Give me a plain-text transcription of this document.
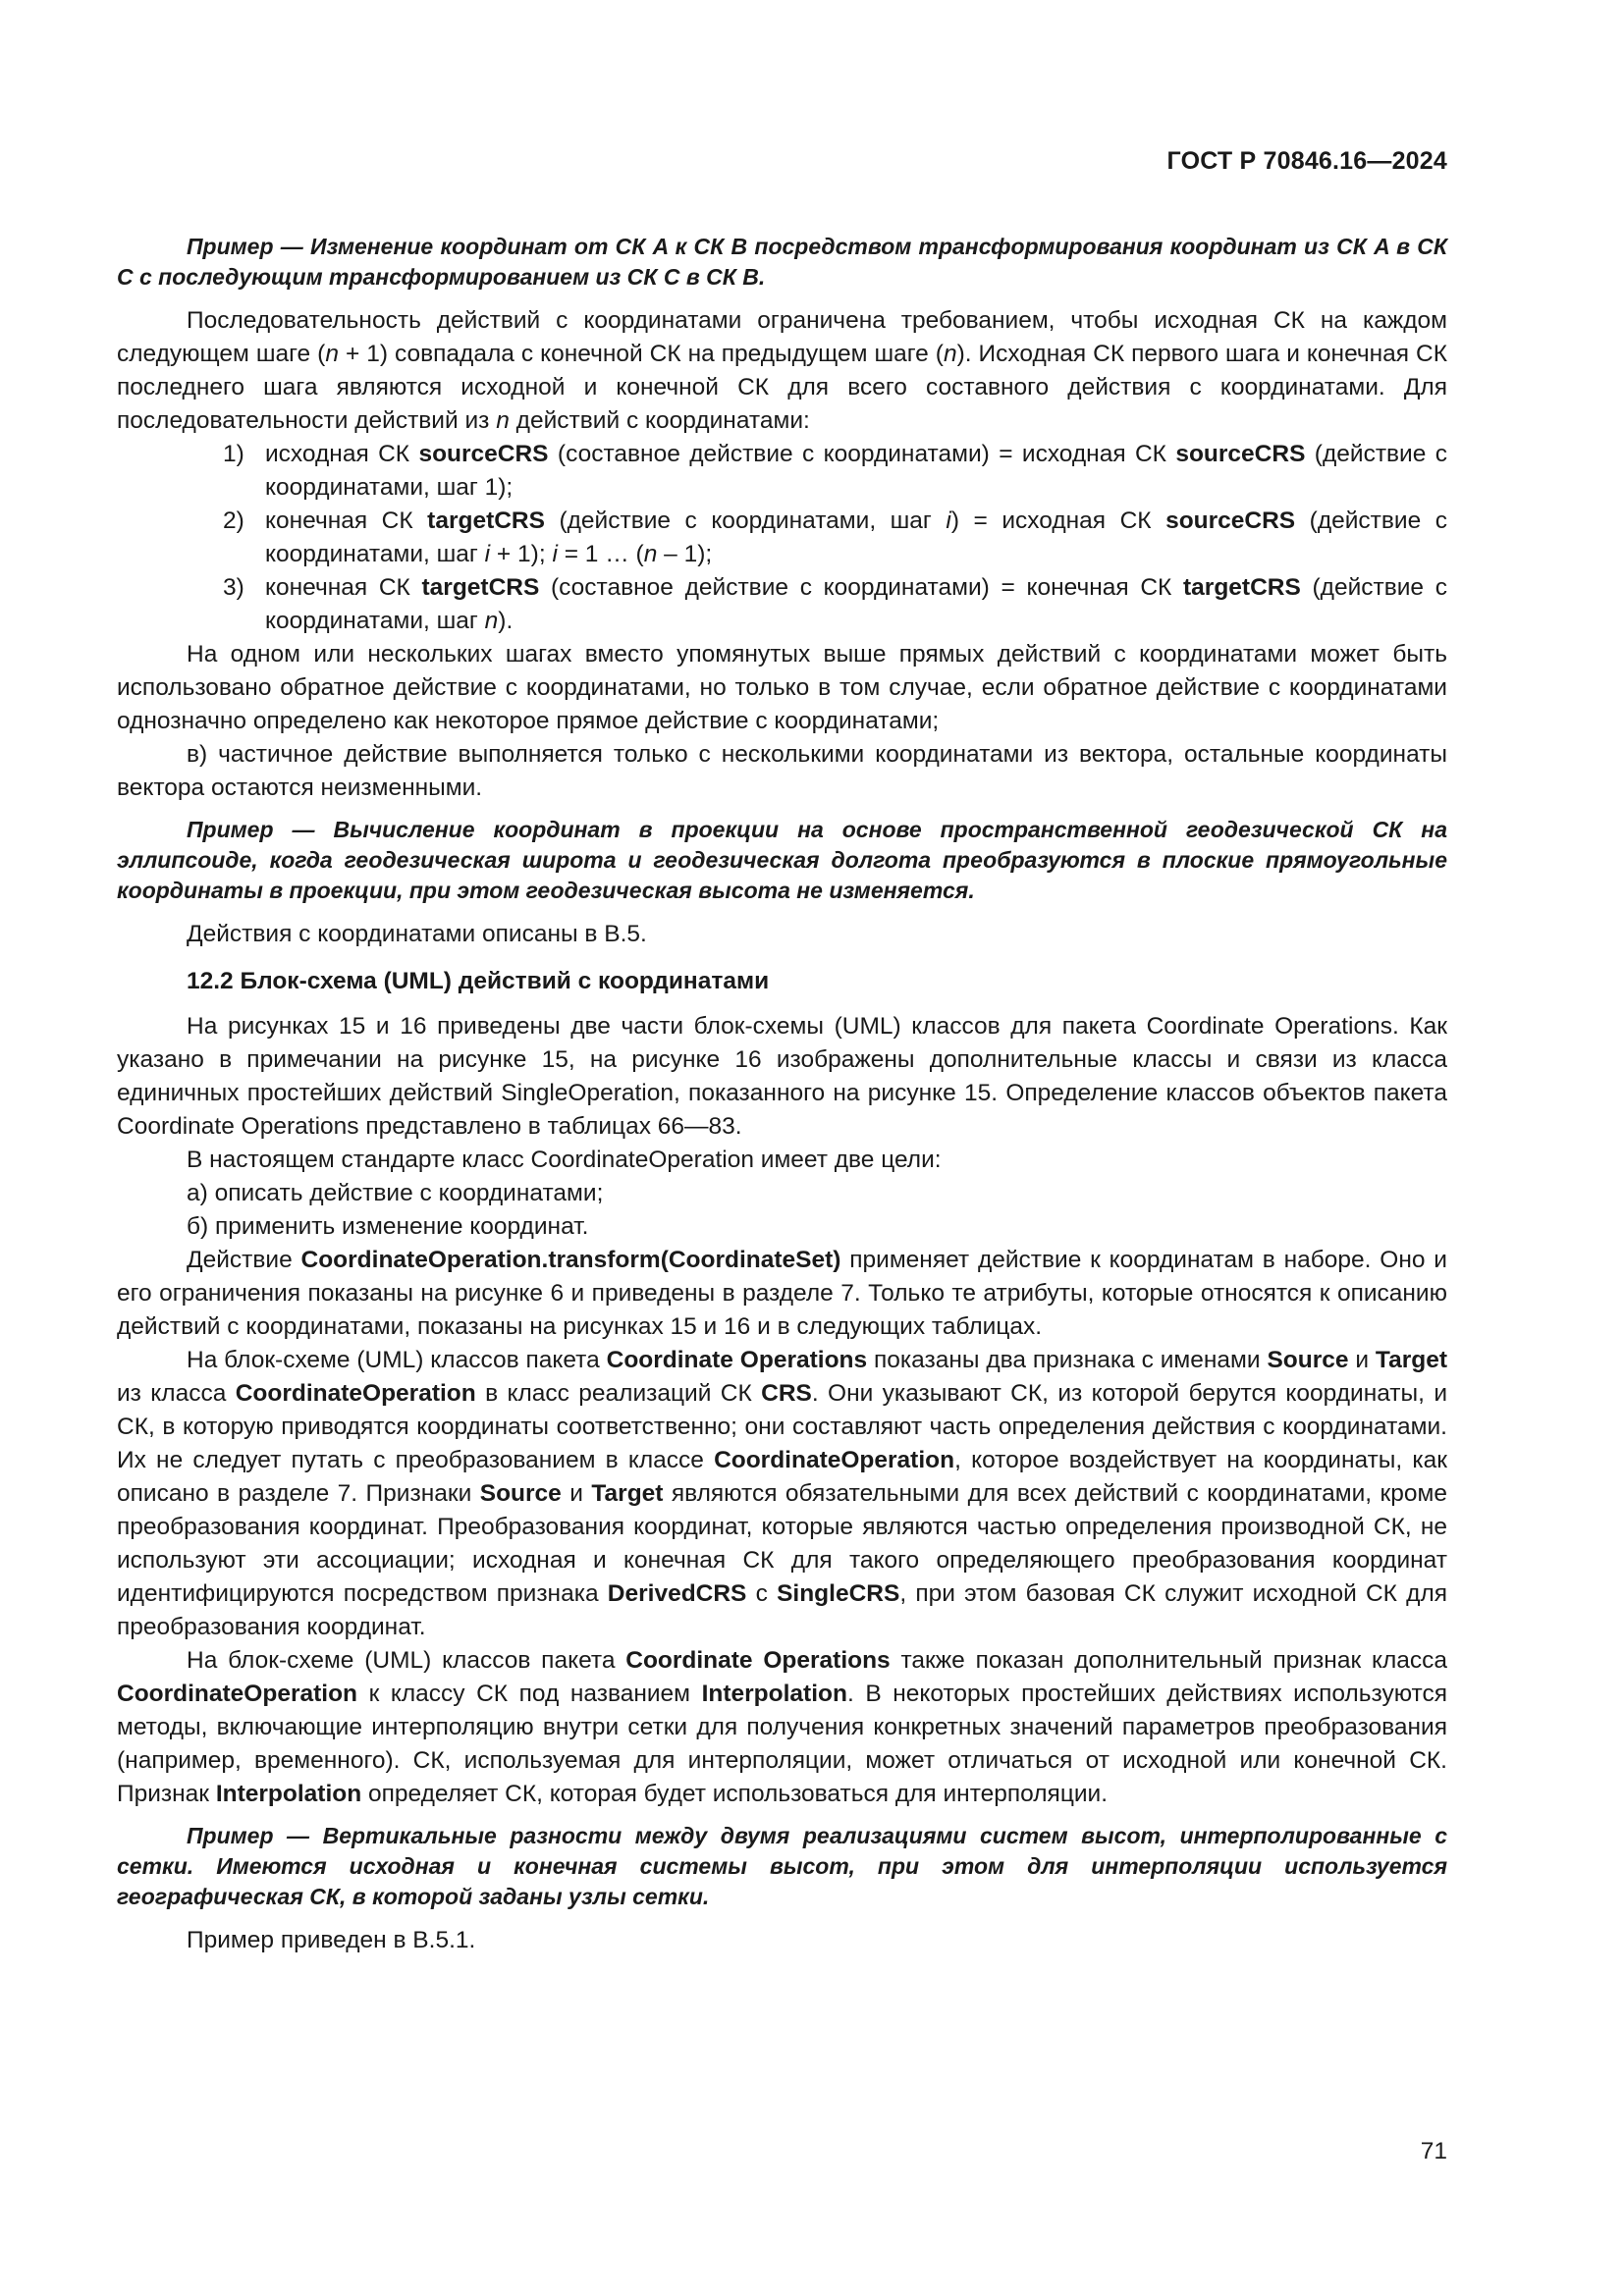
ГОСТ Р 70846.16—2024

Пример — Изменение координат от СК A к СК B посредством трансформирования координат из СК A в СК C с последующим трансформированием из СК C в СК B.

Последовательность действий с координатами ограничена требованием, чтобы исходная СК на каждом следующем шаге (n + 1) совпадала с конечной СК на предыдущем шаге (n). Исходная СК первого шага и конечная СК последнего шага являются исходной и конечной СК для всего составного действия с координатами. Для последовательности действий из n действий с координатами:

1) исходная СК sourceCRS (составное действие с координатами) = исходная СК sourceCRS (действие с координатами, шаг 1);
2) конечная СК targetCRS (действие с координатами, шаг i) = исходная СК sourceCRS (действие с координатами, шаг i + 1); i = 1 … (n – 1);
3) конечная СК targetCRS (составное действие с координатами) = конечная СК targetCRS (действие с координатами, шаг n).

На одном или нескольких шагах вместо упомянутых выше прямых действий с координатами может быть использовано обратное действие с координатами, но только в том случае, если обратное действие с координатами однозначно определено как некоторое прямое действие с координатами;

в) частичное действие выполняется только с несколькими координатами из вектора, остальные координаты вектора остаются неизменными.

Пример — Вычисление координат в проекции на основе пространственной геодезической СК на эллипсоиде, когда геодезическая широта и геодезическая долгота преобразуются в плоские прямоугольные координаты в проекции, при этом геодезическая высота не изменяется.

Действия с координатами описаны в В.5.

12.2 Блок-схема (UML) действий с координатами

На рисунках 15 и 16 приведены две части блок-схемы (UML) классов для пакета Coordinate Operations. Как указано в примечании на рисунке 15, на рисунке 16 изображены дополнительные классы и связи из класса единичных простейших действий SingleOperation, показанного на рисунке 15. Определение классов объектов пакета Coordinate Operations представлено в таблицах 66—83.

В настоящем стандарте класс CoordinateOperation имеет две цели:

а) описать действие с координатами;

б) применить изменение координат.

Действие CoordinateOperation.transform(CoordinateSet) применяет действие к координатам в наборе. Оно и его ограничения показаны на рисунке 6 и приведены в разделе 7. Только те атрибуты, которые относятся к описанию действий с координатами, показаны на рисунках 15 и 16 и в следующих таблицах.

На блок-схеме (UML) классов пакета Coordinate Operations показаны два признака с именами Source и Target из класса CoordinateOperation в класс реализаций СК CRS. Они указывают СК, из которой берутся координаты, и СК, в которую приводятся координаты соответственно; они составляют часть определения действия с координатами. Их не следует путать с преобразованием в классе CoordinateOperation, которое воздействует на координаты, как описано в разделе 7. Признаки Source и Target являются обязательными для всех действий с координатами, кроме преобразования координат. Преобразования координат, которые являются частью определения производной СК, не используют эти ассоциации; исходная и конечная СК для такого определяющего преобразования координат идентифицируются посредством признака DerivedCRS с SingleCRS, при этом базовая СК служит исходной СК для преобразования координат.

На блок-схеме (UML) классов пакета Coordinate Operations также показан дополнительный признак класса CoordinateOperation к классу СК под названием Interpolation. В некоторых простейших действиях используются методы, включающие интерполяцию внутри сетки для получения конкретных значений параметров преобразования (например, временного). СК, используемая для интерполяции, может отличаться от исходной или конечной СК. Признак Interpolation определяет СК, которая будет использоваться для интерполяции.

Пример — Вертикальные разности между двумя реализациями систем высот, интерполированные с сетки. Имеются исходная и конечная системы высот, при этом для интерполяции используется географическая СК, в которой заданы узлы сетки.

Пример приведен в В.5.1.

71
